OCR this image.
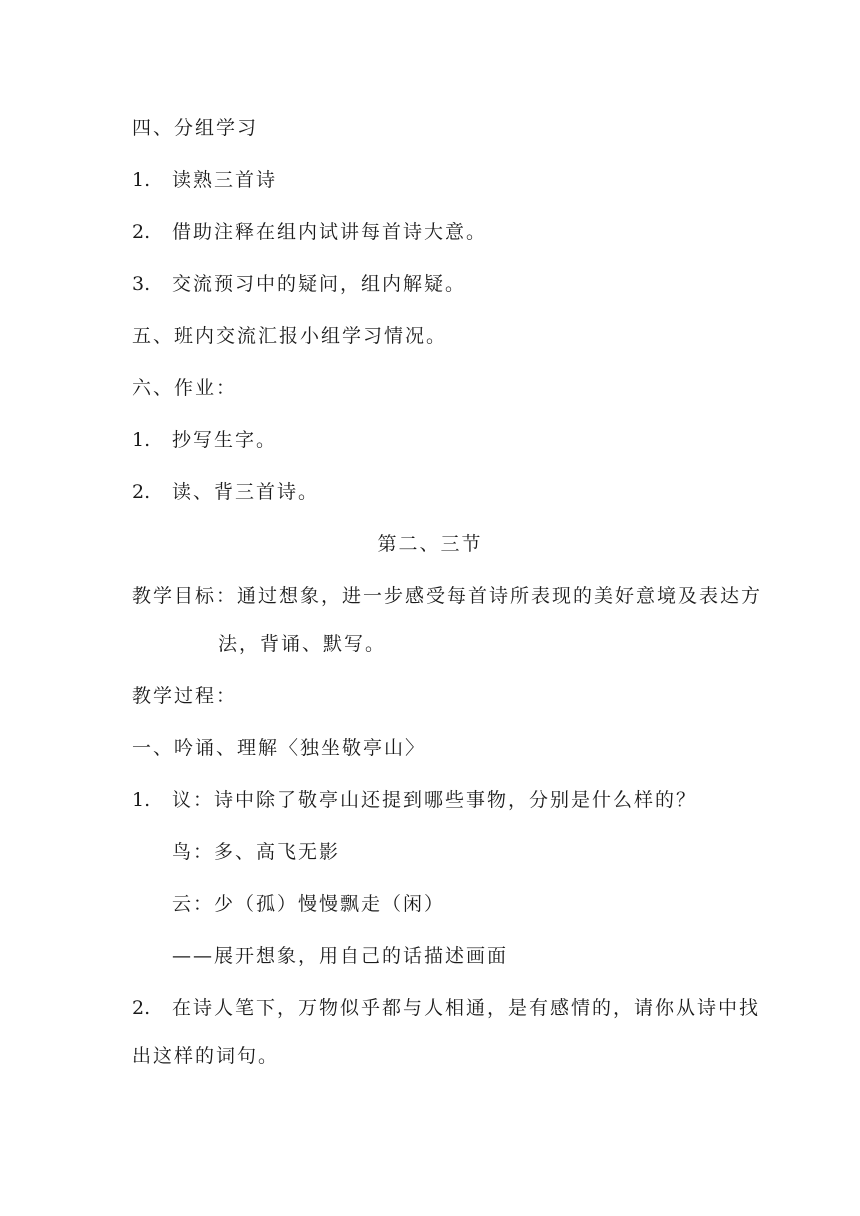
四、分组学习
1. 读熟三首诗
2. 借助注释在组内试讲每首诗大意。
3. 交流预习中的疑问，组内解疑。
五、班内交流汇报小组学习情况。
六、作业：
1. 抄写生字。
2. 读、背三首诗。
第二、三节
教学目标：通过想象，进一步感受每首诗所表现的美好意境及表达方
法，背诵、默写。
教学过程：
一、吟诵、理解〈独坐敬亭山〉
1. 议：诗中除了敬亭山还提到哪些事物，分别是什么样的？
鸟：多、高飞无影
云：少（孤）慢慢飘走（闲）
——展开想象，用自己的话描述画面
2. 在诗人笔下，万物似乎都与人相通，是有感情的，请你从诗中找
出这样的词句。
